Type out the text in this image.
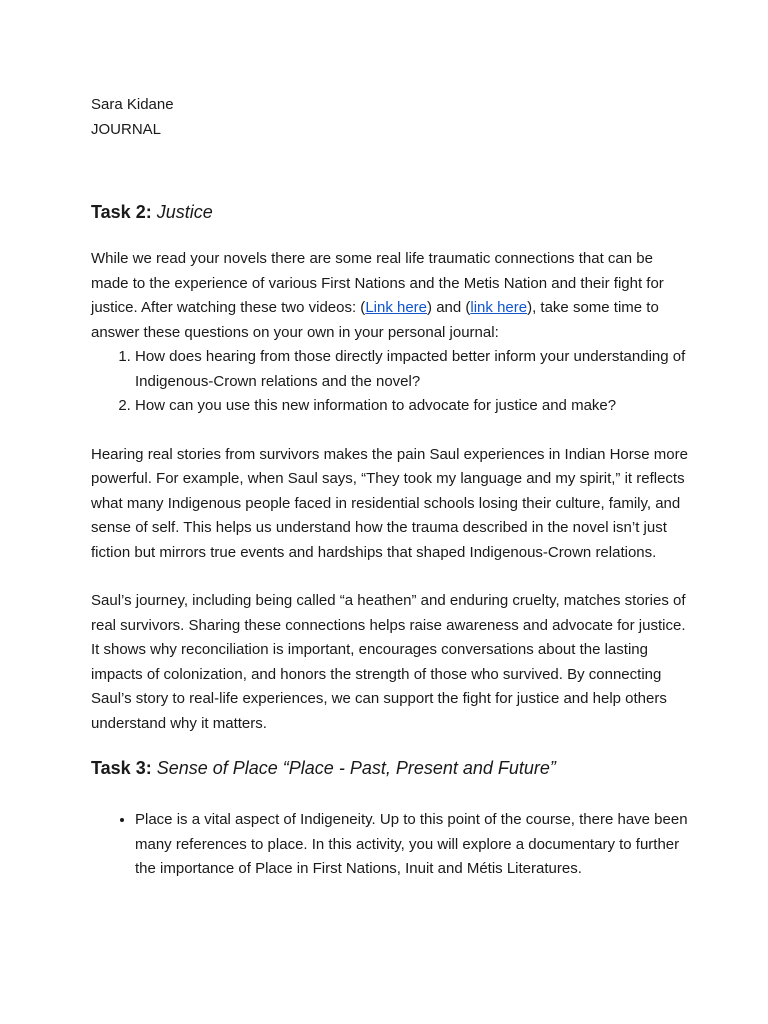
Sara Kidane

JOURNAL

Task 2: Justice

While we read your novels there are some real life traumatic connections that can be made to the experience of various First Nations and the Metis Nation and their fight for justice. After watching these two videos: (Link here) and (link here), take some time to answer these questions on your own in your personal journal:

1. How does hearing from those directly impacted better inform your understanding of Indigenous-Crown relations and the novel?
2. How can you use this new information to advocate for justice and make?

Hearing real stories from survivors makes the pain Saul experiences in Indian Horse more powerful. For example, when Saul says, “They took my language and my spirit,” it reflects what many Indigenous people faced in residential schools losing their culture, family, and sense of self. This helps us understand how the trauma described in the novel isn’t just fiction but mirrors true events and hardships that shaped Indigenous-Crown relations.

Saul’s journey, including being called “a heathen” and enduring cruelty, matches stories of real survivors. Sharing these connections helps raise awareness and advocate for justice. It shows why reconciliation is important, encourages conversations about the lasting impacts of colonization, and honors the strength of those who survived. By connecting Saul’s story to real-life experiences, we can support the fight for justice and help others understand why it matters.

Task 3: Sense of Place “Place - Past, Present and Future”
• Place is a vital aspect of Indigeneity. Up to this point of the course, there have been many references to place. In this activity, you will explore a documentary to further the importance of Place in First Nations, Inuit and Métis Literatures.
